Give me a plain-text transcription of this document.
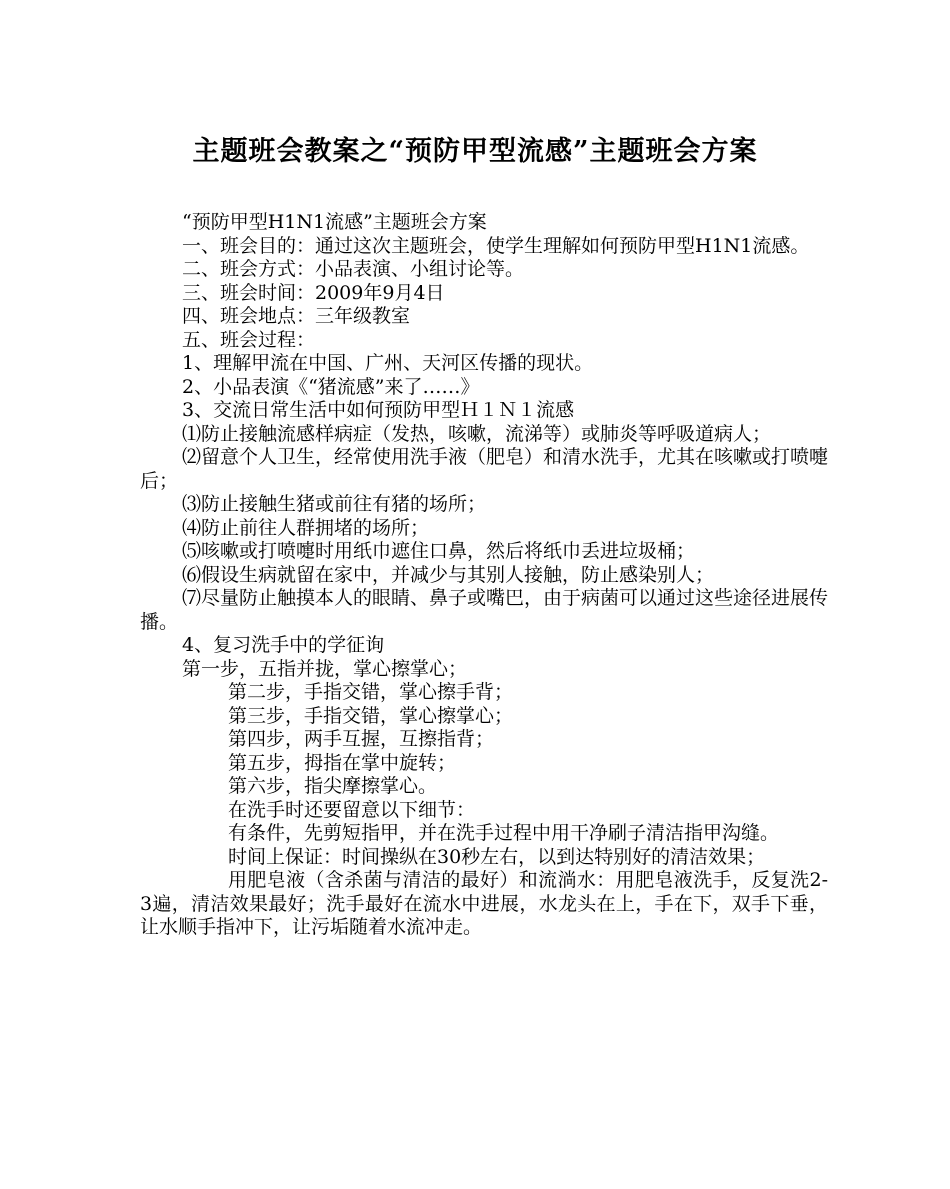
主题班会教案之“预防甲型流感”主题班会方案

“预防甲型H1N1流感”主题班会方案

一、班会目的：通过这次主题班会，使学生理解如何预防甲型H1N1流感。

二、班会方式：小品表演、小组讨论等。

三、班会时间：2009年9月4日

四、班会地点：三年级教室

五、班会过程：

1、理解甲流在中国、广州、天河区传播的现状。

2、小品表演《“猪流感”来了……》

3、交流日常生活中如何预防甲型Ｈ１Ｎ１流感

⑴防止接触流感样病症（发热，咳嗽，流涕等）或肺炎等呼吸道病人；

⑵留意个人卫生，经常使用洗手液（肥皂）和清水洗手，尤其在咳嗽或打喷嚏后；

⑶防止接触生猪或前往有猪的场所；

⑷防止前往人群拥堵的场所；

⑸咳嗽或打喷嚏时用纸巾遮住口鼻，然后将纸巾丢进垃圾桶；

⑹假设生病就留在家中，并减少与其别人接触，防止感染别人；

⑺尽量防止触摸本人的眼睛、鼻子或嘴巴，由于病菌可以通过这些途径进展传播。

4、复习洗手中的学征询

第一步，五指并拢，掌心擦掌心；

第二步，手指交错，掌心擦手背；

第三步，手指交错，掌心擦掌心；

第四步，两手互握，互擦指背；

第五步，拇指在掌中旋转；

第六步，指尖摩擦掌心。

在洗手时还要留意以下细节：

有条件，先剪短指甲，并在洗手过程中用干净刷子清洁指甲沟缝。

时间上保证：时间操纵在30秒左右，以到达特别好的清洁效果；

用肥皂液（含杀菌与清洁的最好）和流淌水：用肥皂液洗手，反复洗2-3遍，清洁效果最好；洗手最好在流水中进展，水龙头在上，手在下，双手下垂，让水顺手指冲下，让污垢随着水流冲走。
